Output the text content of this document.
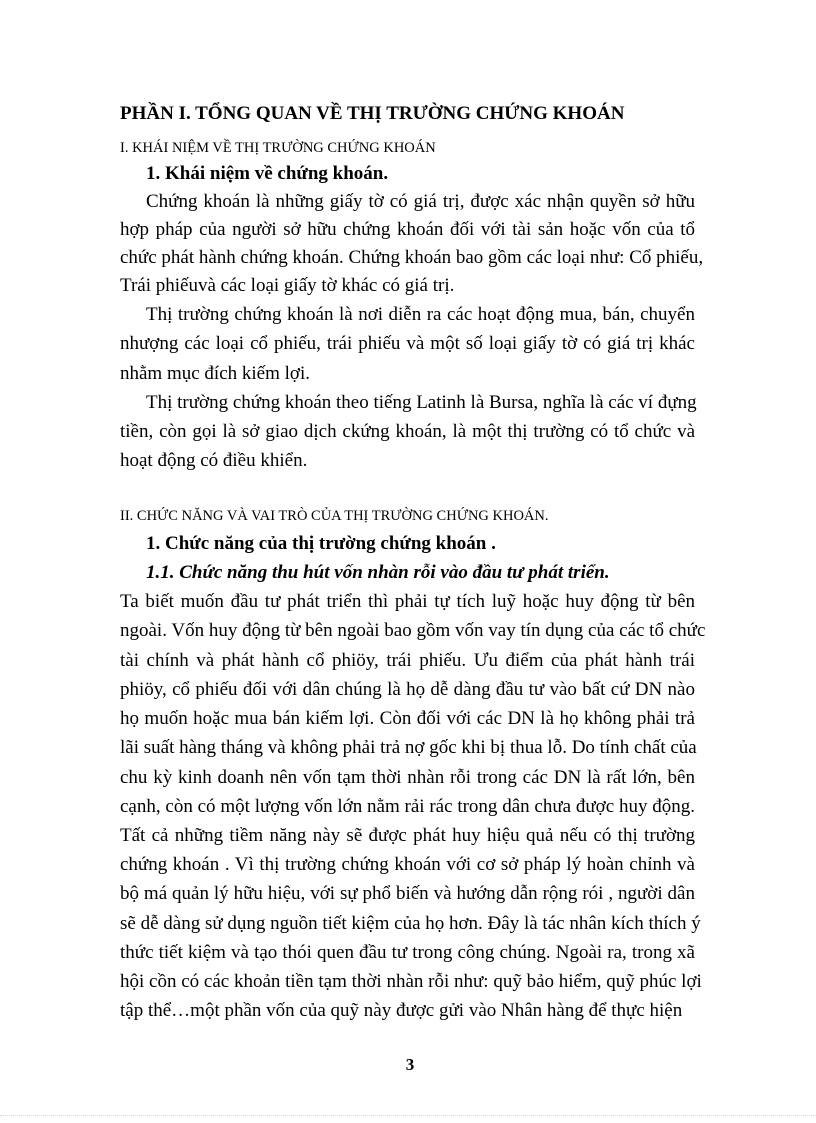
PHẦN I. TỔNG QUAN VỀ THỊ TRƯỜNG CHỨNG KHOÁN
I. KHÁI NIỆM VỀ THỊ TRƯỜNG CHỨNG KHOÁN
1. Khái niệm về chứng khoán.
Chứng khoán là những giấy tờ có giá trị, được xác nhận quyền sở hữu
hợp pháp của người sở hữu chứng khoán đối với tài sản hoặc vốn của tổ
chức phát hành chứng khoán. Chứng khoán bao gồm các loại như: Cổ phiếu,
Trái phiếuvà các loại giấy tờ khác có giá trị.
Thị trường chứng khoán là nơi diễn ra các hoạt động mua, bán, chuyển
nhượng các loại cổ phiếu, trái phiếu và một số loại giấy tờ có giá trị khác
nhằm mục đích kiếm lợi.
Thị trường chứng khoán theo tiếng Latinh là Bursa, nghĩa là các ví đựng
tiền, còn gọi là sở giao dịch ckứng khoán, là một thị trường có tổ chức và
hoạt động có điều khiển.
II. CHỨC NĂNG VÀ VAI TRÒ CỦA THỊ TRƯỜNG CHỨNG KHOÁN.
1. Chức năng của thị trường chứng khoán .
1.1. Chức năng thu hút vốn nhàn rỗi vào đầu tư phát triển.
Ta biết muốn đầu tư phát triển thì phải tự tích luỹ hoặc huy động từ bên
ngoài. Vốn huy động từ bên ngoài bao gồm vốn vay tín dụng của các tổ chức
tài chính và phát hành cổ phiöy, trái phiếu. Ưu điểm của phát hành trái
phiöy, cổ phiếu đối với dân chúng là họ dễ dàng đầu tư vào bất cứ DN nào
họ muốn hoặc mua bán kiếm lợi. Còn đối với các DN là họ không phải trả
lãi suất hàng tháng và không phải trả nợ gốc khi bị thua lỗ. Do tính chất của
chu kỳ kinh doanh nên vốn tạm thời nhàn rỗi trong các DN là rất lớn, bên
cạnh, còn có một lượng vốn lớn nằm rải rác trong dân chưa được huy động.
Tất cả những tiềm năng này sẽ được phát huy hiệu quả nếu có thị trường
chứng khoán . Vì thị trường chứng khoán với cơ sở pháp lý hoàn chỉnh và
bộ má quản lý hữu hiệu, với sự phổ biến và hướng dẫn rộng rói , người dân
sẽ dễ dàng sử dụng nguồn tiết kiệm của họ hơn. Đây là tác nhân kích thích ý
thức tiết kiệm và tạo thói quen đầu tư trong công chúng. Ngoài ra, trong xã
hội cồn có các khoản tiền tạm thời nhàn rỗi như: quỹ bảo hiểm, quỹ phúc lợi
tập thể…một phần vốn của quỹ này được gửi vào Nhân hàng để thực hiện
3
